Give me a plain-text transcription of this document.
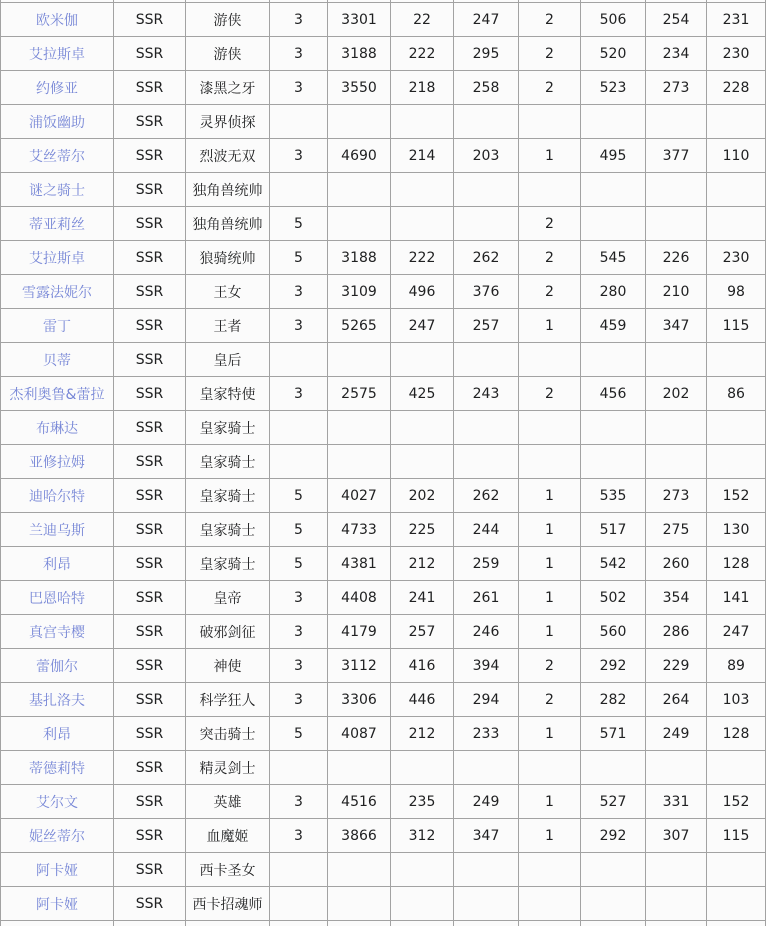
欧米伽	SSR	游侠	3	3301	22	247	2	506	254	231
艾拉斯卓	SSR	游侠	3	3188	222	295	2	520	234	230
约修亚	SSR	漆黑之牙	3	3550	218	258	2	523	273	228
浦饭幽助	SSR	灵界侦探								
艾丝蒂尔	SSR	烈波无双	3	4690	214	203	1	495	377	110
谜之骑士	SSR	独角兽统帅								
蒂亚莉丝	SSR	独角兽统帅	5				2			
艾拉斯卓	SSR	狼骑统帅	5	3188	222	262	2	545	226	230
雪露法妮尔	SSR	王女	3	3109	496	376	2	280	210	98
雷丁	SSR	王者	3	5265	247	257	1	459	347	115
贝蒂	SSR	皇后								
杰利奥鲁&蕾拉	SSR	皇家特使	3	2575	425	243	2	456	202	86
布琳达	SSR	皇家骑士								
亚修拉姆	SSR	皇家骑士								
迪哈尔特	SSR	皇家骑士	5	4027	202	262	1	535	273	152
兰迪乌斯	SSR	皇家骑士	5	4733	225	244	1	517	275	130
利昂	SSR	皇家骑士	5	4381	212	259	1	542	260	128
巴恩哈特	SSR	皇帝	3	4408	241	261	1	502	354	141
真宫寺樱	SSR	破邪剑征	3	4179	257	246	1	560	286	247
蕾伽尔	SSR	神使	3	3112	416	394	2	292	229	89
基扎洛夫	SSR	科学狂人	3	3306	446	294	2	282	264	103
利昂	SSR	突击骑士	5	4087	212	233	1	571	249	128
蒂德莉特	SSR	精灵剑士								
艾尔文	SSR	英雄	3	4516	235	249	1	527	331	152
妮丝蒂尔	SSR	血魔姬	3	3866	312	347	1	292	307	115
阿卡娅	SSR	西卡圣女								
阿卡娅	SSR	西卡招魂师								
